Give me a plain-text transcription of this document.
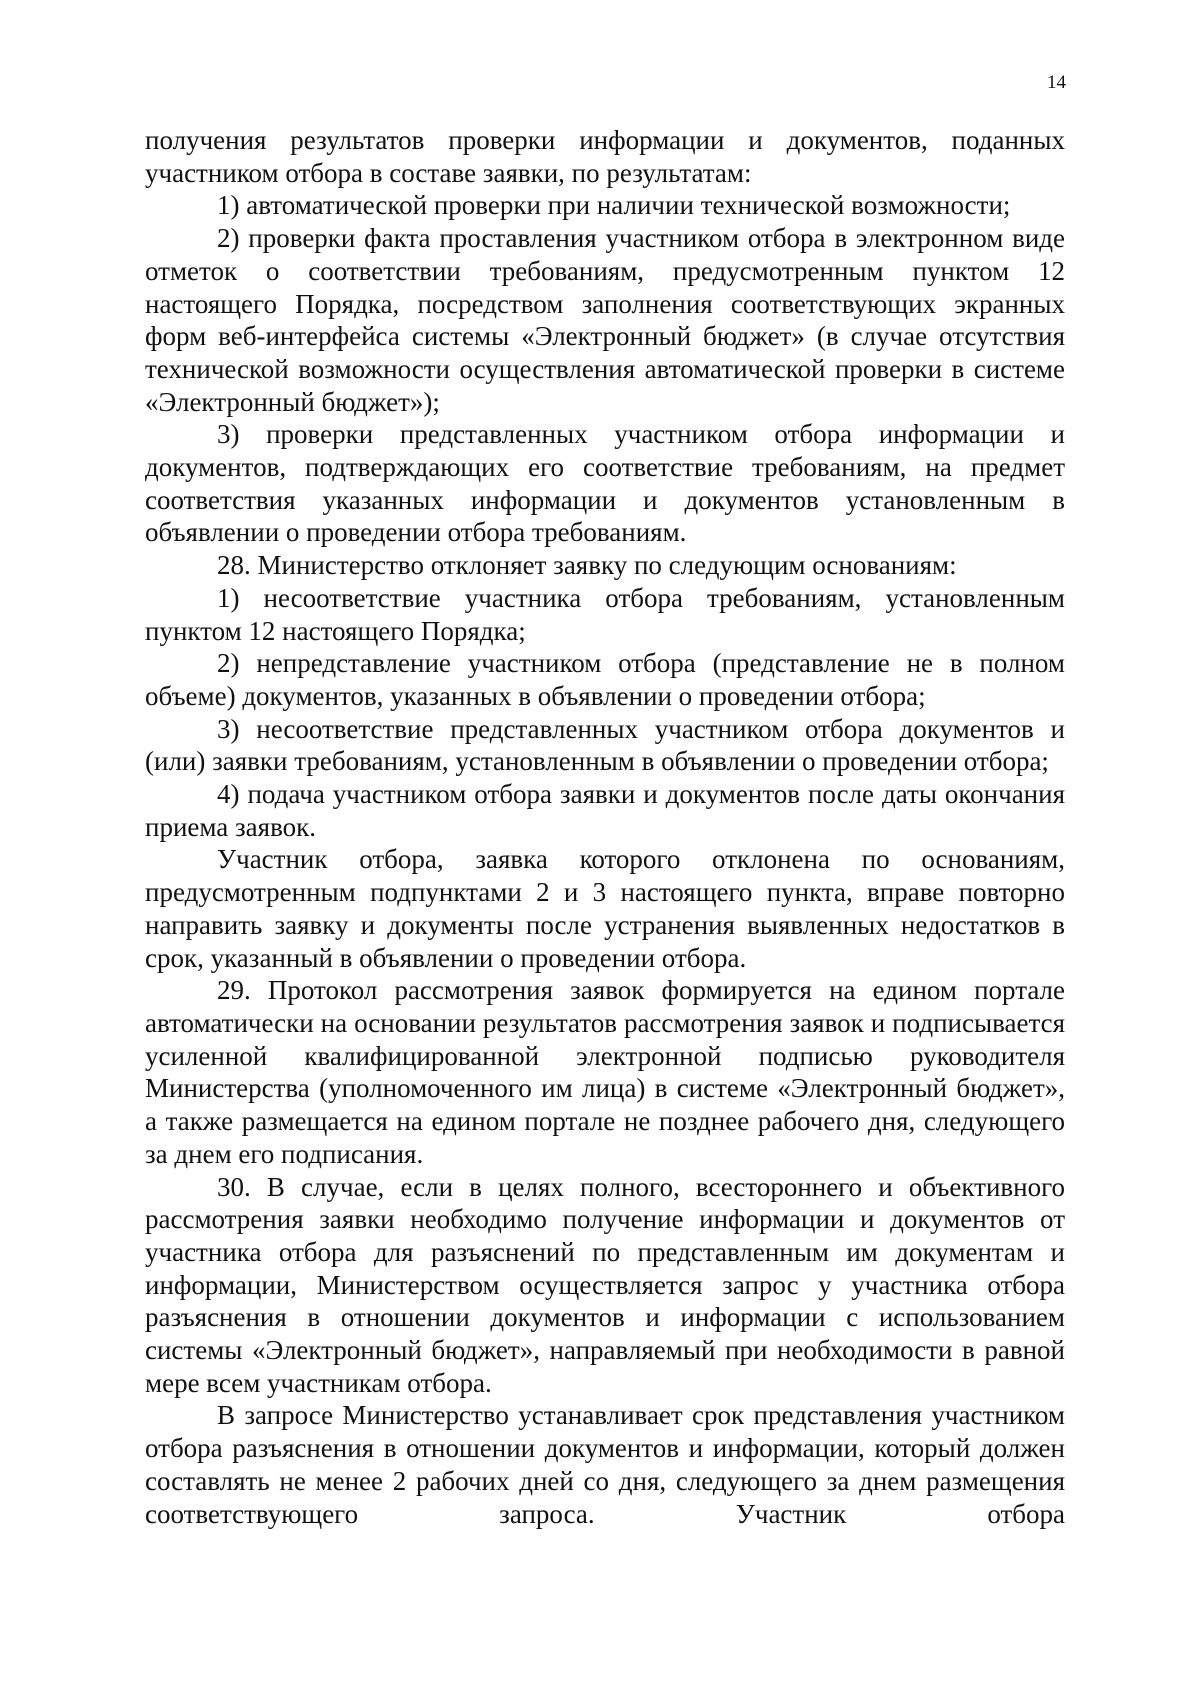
14

получения результатов проверки информации и документов, поданных участником отбора в составе заявки, по результатам:

1) автоматической проверки при наличии технической возможности;

2) проверки факта проставления участником отбора в электронном виде отметок о соответствии требованиям, предусмотренным пунктом 12 настоящего Порядка, посредством заполнения соответствующих экранных форм веб-интерфейса системы «Электронный бюджет» (в случае отсутствия технической возможности осуществления автоматической проверки в системе «Электронный бюджет»);

3) проверки представленных участником отбора информации и документов, подтверждающих его соответствие требованиям, на предмет соответствия указанных информации и документов установленным в объявлении о проведении отбора требованиям.

28. Министерство отклоняет заявку по следующим основаниям:

1) несоответствие участника отбора требованиям, установленным пунктом 12 настоящего Порядка;

2) непредставление участником отбора (представление не в полном объеме) документов, указанных в объявлении о проведении отбора;

3) несоответствие представленных участником отбора документов и (или) заявки требованиям, установленным в объявлении о проведении отбора;

4) подача участником отбора заявки и документов после даты окончания приема заявок.

Участник отбора, заявка которого отклонена по основаниям, предусмотренным подпунктами 2 и 3 настоящего пункта, вправе повторно направить заявку и документы после устранения выявленных недостатков в срок, указанный в объявлении о проведении отбора.

29. Протокол рассмотрения заявок формируется на едином портале автоматически на основании результатов рассмотрения заявок и подписывается усиленной квалифицированной электронной подписью руководителя Министерства (уполномоченного им лица) в системе «Электронный бюджет», а также размещается на едином портале не позднее рабочего дня, следующего за днем его подписания.

30. В случае, если в целях полного, всестороннего и объективного рассмотрения заявки необходимо получение информации и документов от участника отбора для разъяснений по представленным им документам и информации, Министерством осуществляется запрос у участника отбора разъяснения в отношении документов и информации с использованием системы «Электронный бюджет», направляемый при необходимости в равной мере всем участникам отбора.

В запросе Министерство устанавливает срок представления участником отбора разъяснения в отношении документов и информации, который должен составлять не менее 2 рабочих дней со дня, следующего за днем размещения соответствующего запроса. Участник отбора
